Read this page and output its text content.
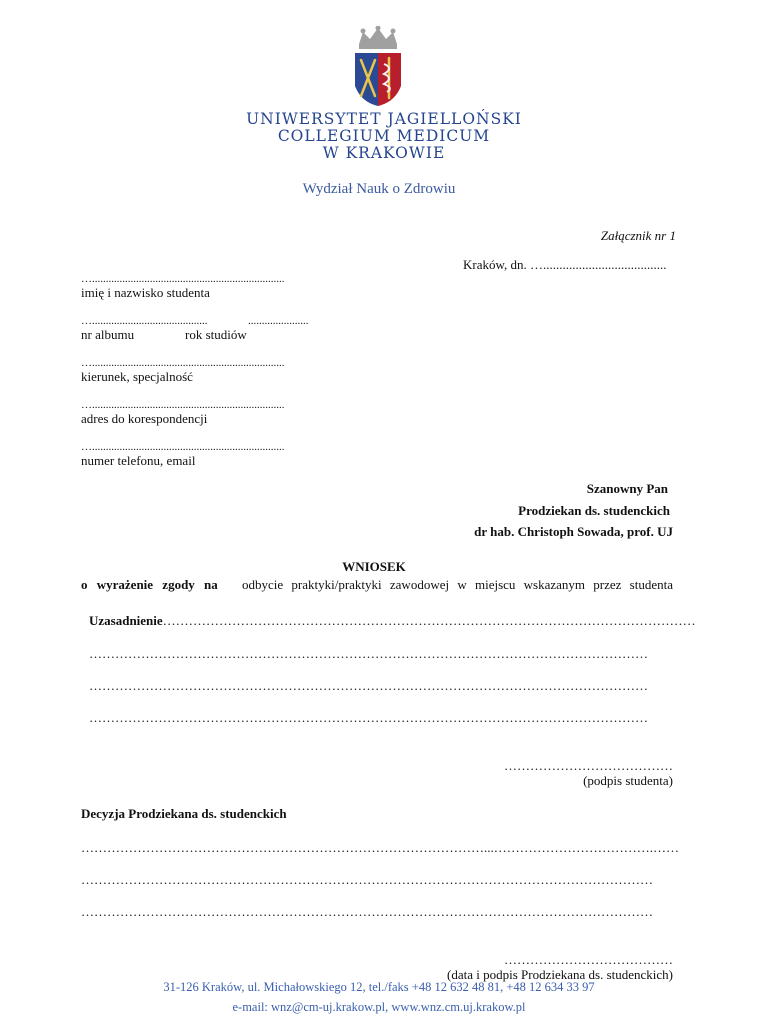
UNIWERSYTET JAGIELLOŃSKI
COLLEGIUM MEDICUM
W KRAKOWIE
Wydział Nauk o Zdrowiu
Załącznik nr 1
Kraków, dn. …......................................
…......................................................................
imię i nazwisko studenta
…..........................................	......................
nr albumu	rok studiów
…......................................................................
kierunek, specjalność
…......................................................................
adres do korespondencji
…......................................................................
numer telefonu, email
Szanowny Pan
Prodziekan ds. studenckich
dr hab. Christoph Sowada, prof. UJ
WNIOSEK
o wyrażenie zgody na odbycie praktyki/praktyki zawodowej w miejscu wskazanym przez studenta
Uzasadnienie……………………………………………………………………………………………………………
…………………………………………………………………………………………………………………
…………………………………………………………………………………………………………………
…………………………………………………………………………………………………………………
…………………………………
(podpis studenta)
Decyzja Prodziekana ds. studenckich
…………………………………………………………………………………...……………………………….……
……………………………………………………………………………………………………………………
……………………………………………………………………………………………………………………
…………………………………
(data i podpis Prodziekana ds. studenckich)
31-126 Kraków, ul. Michałowskiego 12, tel./faks +48 12 632 48 81, +48 12 634 33 97
e-mail: wnz@cm-uj.krakow.pl, www.wnz.cm.uj.krakow.pl
